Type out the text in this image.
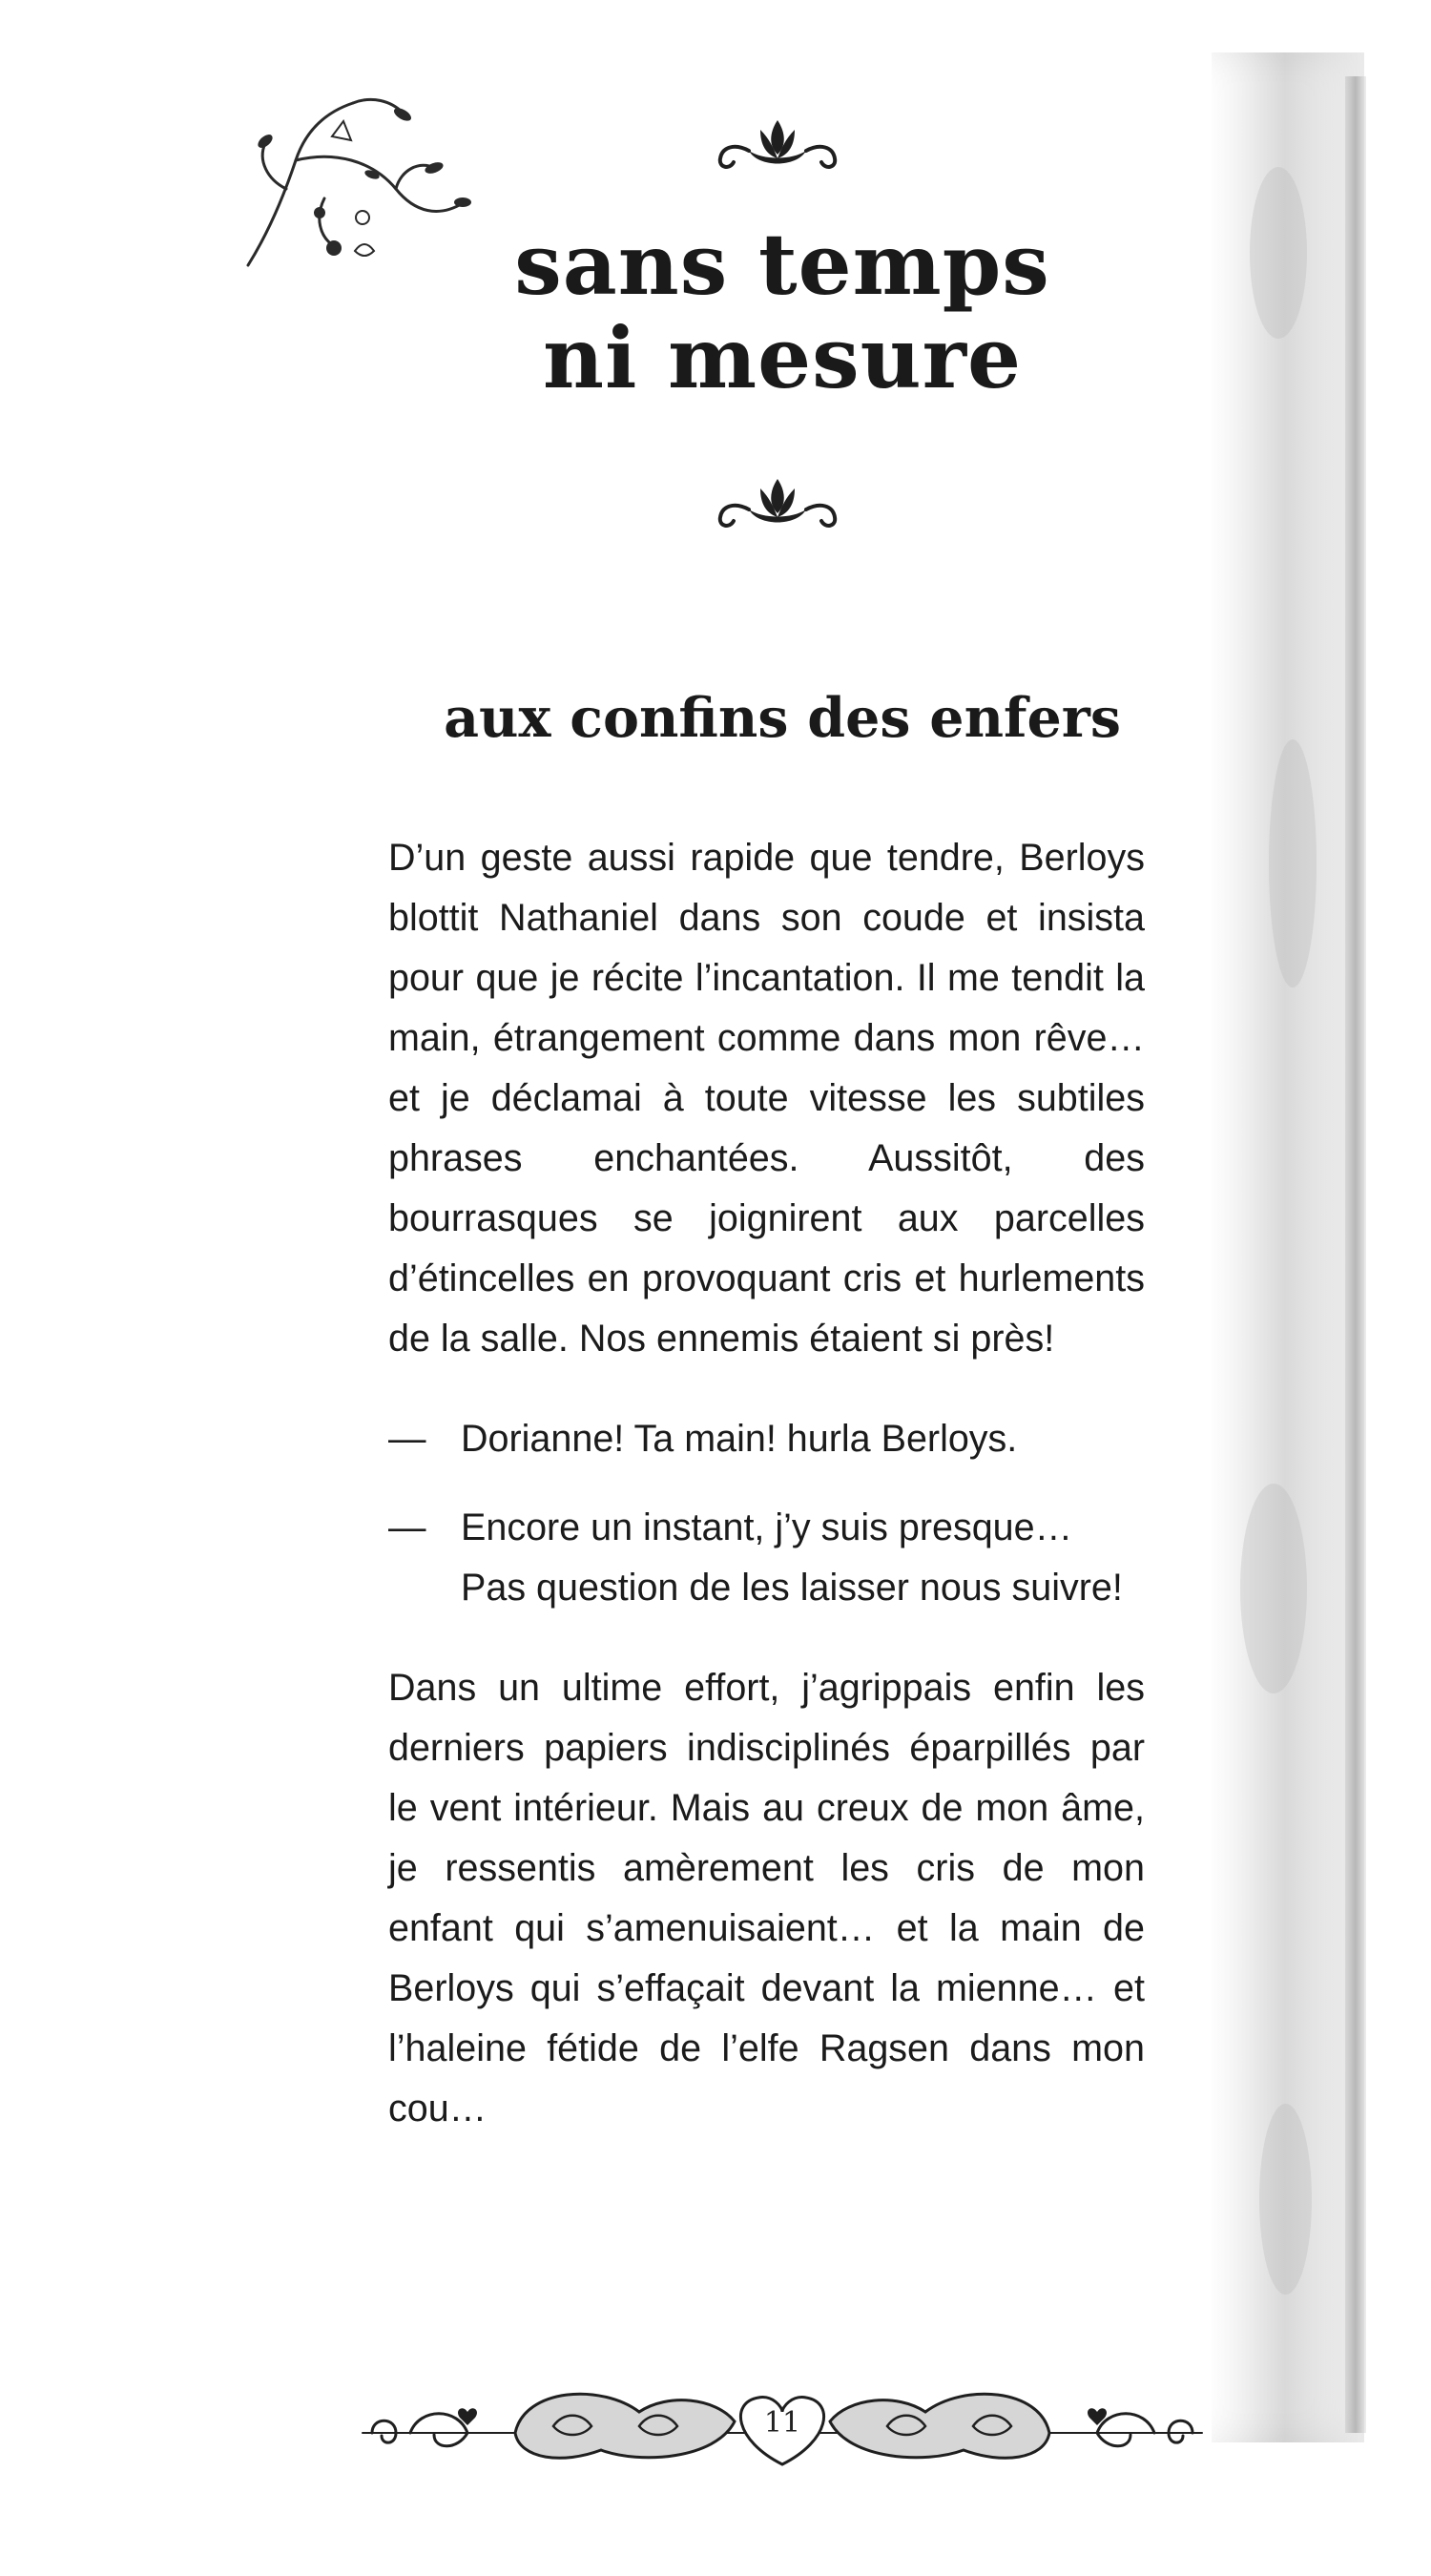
sans temps
ni mesure
aux confins des enfers

D’un geste aussi rapide que tendre, Berloys blottit Nathaniel dans son coude et insista pour que je récite l’incantation. Il me tendit la main, étrangement comme dans mon rêve… et je déclamai à toute vitesse les subtiles phrases enchantées. Aussitôt, des bourrasques se joignirent aux parcelles d’étincelles en provoquant cris et hurlements de la salle. Nos ennemis étaient si près!

— Dorianne! Ta main! hurla Berloys.

— Encore un instant, j’y suis presque… Pas question de les laisser nous suivre!

Dans un ultime effort, j’agrippais enfin les derniers papiers indisciplinés éparpillés par le vent intérieur. Mais au creux de mon âme, je ressentis amèrement les cris de mon enfant qui s’amenuisaient… et la main de Berloys qui s’effaçait devant la mienne… et l’haleine fétide de l’elfe Ragsen dans mon cou…

11
